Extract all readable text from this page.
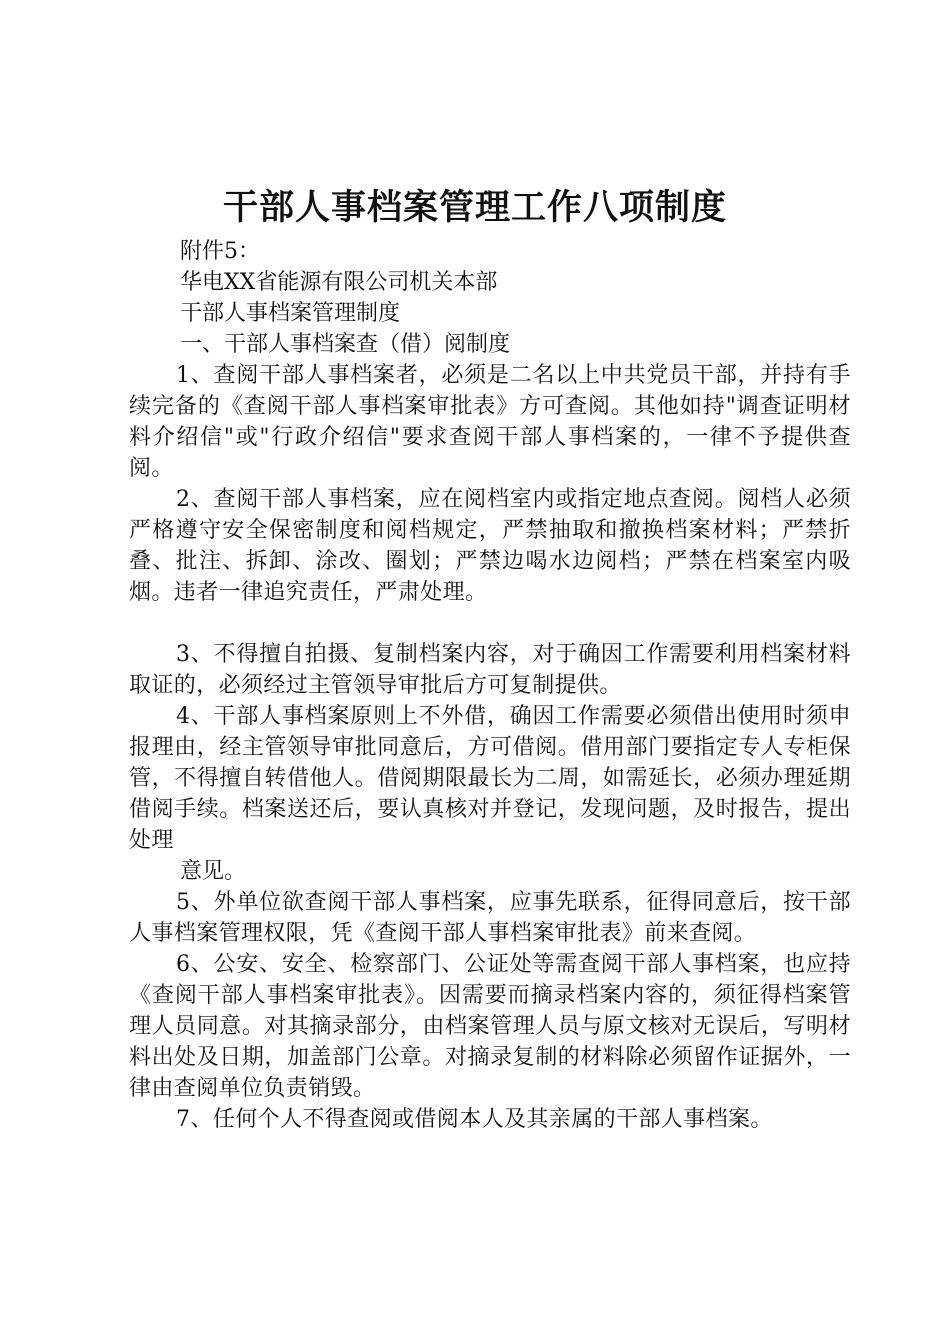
干部人事档案管理工作八项制度

附件5：

华电XX省能源有限公司机关本部

干部人事档案管理制度

一、干部人事档案查（借）阅制度

1、查阅干部人事档案者，必须是二名以上中共党员干部，并持有手续完备的《查阅干部人事档案审批表》方可查阅。其他如持"调查证明材料介绍信"或"行政介绍信"要求查阅干部人事档案的，一律不予提供查阅。

2、查阅干部人事档案，应在阅档室内或指定地点查阅。阅档人必须严格遵守安全保密制度和阅档规定，严禁抽取和撤换档案材料；严禁折叠、批注、拆卸、涂改、圈划；严禁边喝水边阅档；严禁在档案室内吸烟。违者一律追究责任，严肃处理。

3、不得擅自拍摄、复制档案内容，对于确因工作需要利用档案材料取证的，必须经过主管领导审批后方可复制提供。

4、干部人事档案原则上不外借，确因工作需要必须借出使用时须申报理由，经主管领导审批同意后，方可借阅。借用部门要指定专人专柜保管，不得擅自转借他人。借阅期限最长为二周，如需延长，必须办理延期借阅手续。档案送还后，要认真核对并登记，发现问题，及时报告，提出处理

意见。

5、外单位欲查阅干部人事档案，应事先联系，征得同意后，按干部人事档案管理权限，凭《查阅干部人事档案审批表》前来查阅。

6、公安、安全、检察部门、公证处等需查阅干部人事档案，也应持《查阅干部人事档案审批表》。因需要而摘录档案内容的，须征得档案管理人员同意。对其摘录部分，由档案管理人员与原文核对无误后，写明材料出处及日期，加盖部门公章。对摘录复制的材料除必须留作证据外，一律由查阅单位负责销毁。

7、任何个人不得查阅或借阅本人及其亲属的干部人事档案。
